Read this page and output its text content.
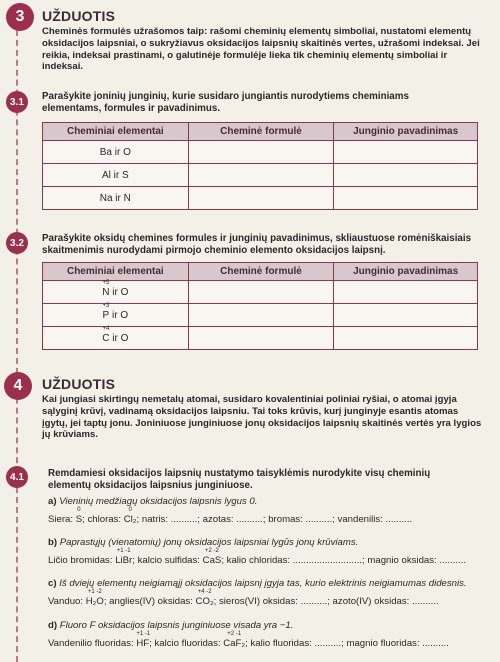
3 UŽDUOTIS
Cheminės formulės užrašomos taip: rašomi cheminių elementų simboliai, nustatomi elementų oksidacijos laipsniai, o sukryžiavus oksidacijos laipsnių skaitinės vertes, užrašomi indeksai. Jei reikia, indeksai prastinami, o galutinėje formulėje lieka tik cheminių elementų simboliai ir indeksai.
3.1 Parašykite joninių junginių, kurie susidaro jungiantis nurodytiems cheminiams elementams, formules ir pavadinimus.
Cheminiai elementai	Cheminė formulė	Junginio pavadinimas
Ba ir O		
Al ir S		
Na ir N		
3.2 Parašykite oksidų chemines formules ir junginių pavadinimus, skliaustuose romėniškaisiais skaitmenimis nurodydami pirmojo cheminio elemento oksidacijos laipsnį.
Cheminiai elementai	Cheminė formulė	Junginio pavadinimas

+5
N ir O		

+3
P ir O		

+4
C ir O		
4 UŽDUOTIS
Kai jungiasi skirtingų nemetalų atomai, susidaro kovalentiniai poliniai ryšiai, o atomai įgyja sąlyginį krūvį, vadinamą oksidacijos laipsniu. Tai toks krūvis, kurį junginyje esantis atomas įgytų, jei taptų jonu. Joniniuose junginiuose jonų oksidacijos laipsnių skaitinės vertės yra lygios jų krūviams.
4.1 Remdamiesi oksidacijos laipsnių nustatymo taisyklėmis nurodykite visų cheminių elementų oksidacijos laipsnius junginiuose.
a) Vieninių medžiagų oksidacijos laipsnis lygus 0.
Siera:
0
S; chloras:
0
Cl₂; natris: ..........; azotas: ..........; bromas: ..........; vandenilis: ..........
b) Paprastųjų (vienatomių) jonų oksidacijos laipsniai lygūs jonų krūviams.
Ličio bromidas:
+1 -1
LiBr; kalcio sulfidas:
+2 -2
CaS; kalio chloridas: ..........................; magnio oksidas: ..........
c) Iš dviejų elementų neigiamąjį oksidacijos laipsnį įgyja tas, kurio elektrinis neigiamumas didesnis.
Vanduo:
+1 -2
H₂O; anglies(IV) oksidas:
+4 -2
CO₂; sieros(VI) oksidas: ..........; azoto(IV) oksidas: ..........
d) Fluoro F oksidacijos laipsnis junginiuose visada yra −1.
Vandenilio fluoridas:
+1 -1
HF; kalcio fluoridas:
+2 -1
CaF₂; kalio fluoridas: ..........; magnio fluoridas: ..........
